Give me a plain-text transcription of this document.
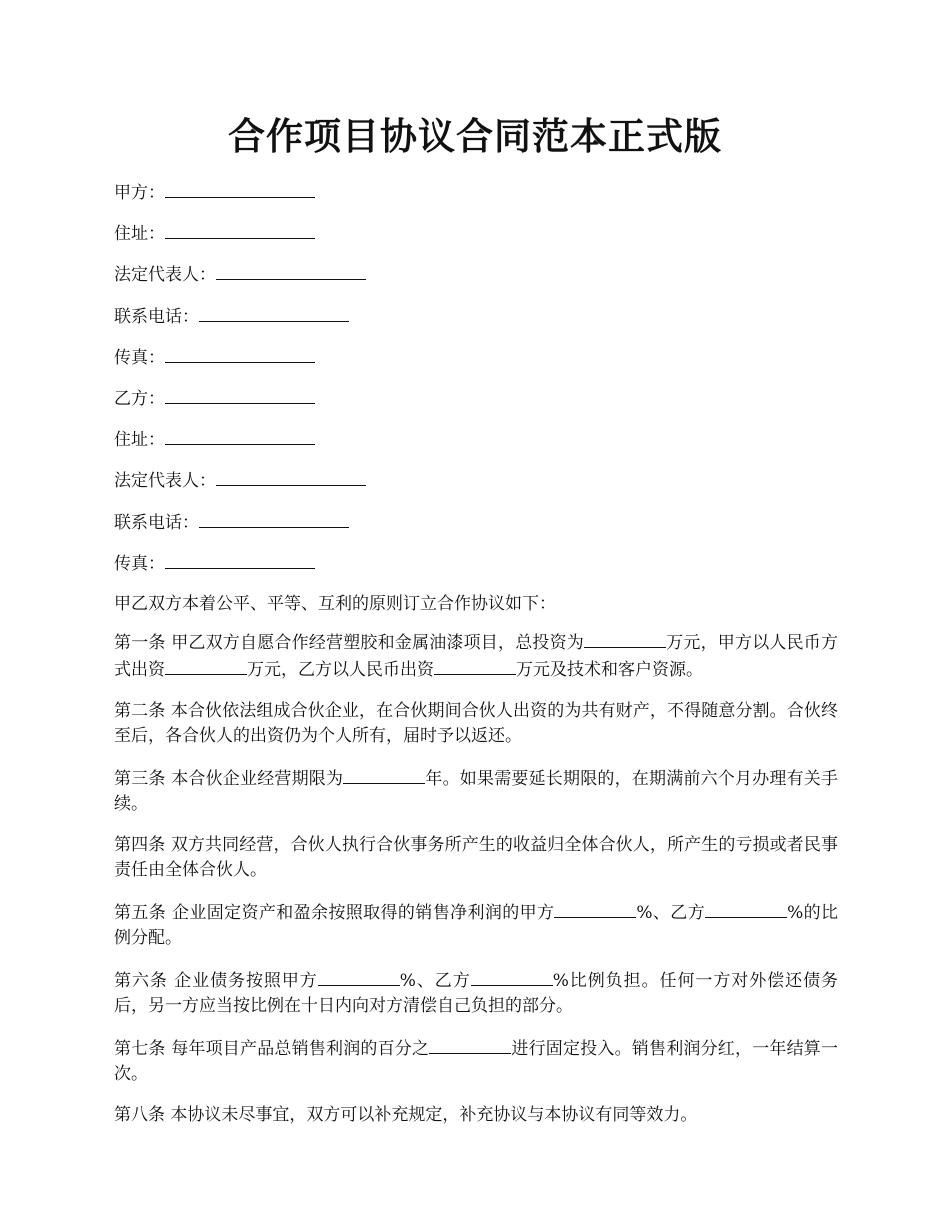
合作项目协议合同范本正式版
甲方：
住址：
法定代表人：
联系电话：
传真：
乙方：
住址：
法定代表人：
联系电话：
传真：

甲乙双方本着公平、平等、互利的原则订立合作协议如下：

第一条 甲乙双方自愿合作经营塑胶和金属油漆项目，总投资为	万元，甲方以人民币方式出资	万元，乙方以人民币出资	万元及技术和客户资源。

第二条 本合伙依法组成合伙企业，在合伙期间合伙人出资的为共有财产，不得随意分割。合伙终至后，各合伙人的出资仍为个人所有，届时予以返还。

第三条 本合伙企业经营期限为	年。如果需要延长期限的，在期满前六个月办理有关手续。

第四条 双方共同经营，合伙人执行合伙事务所产生的收益归全体合伙人，所产生的亏损或者民事责任由全体合伙人。

第五条 企业固定资产和盈余按照取得的销售净利润的甲方	%、乙方	%的比例分配。

第六条 企业债务按照甲方	%、乙方	%比例负担。任何一方对外偿还债务后，另一方应当按比例在十日内向对方清偿自己负担的部分。

第七条 每年项目产品总销售利润的百分之	进行固定投入。销售利润分红，一年结算一次。

第八条 本协议未尽事宜，双方可以补充规定，补充协议与本协议有同等效力。
